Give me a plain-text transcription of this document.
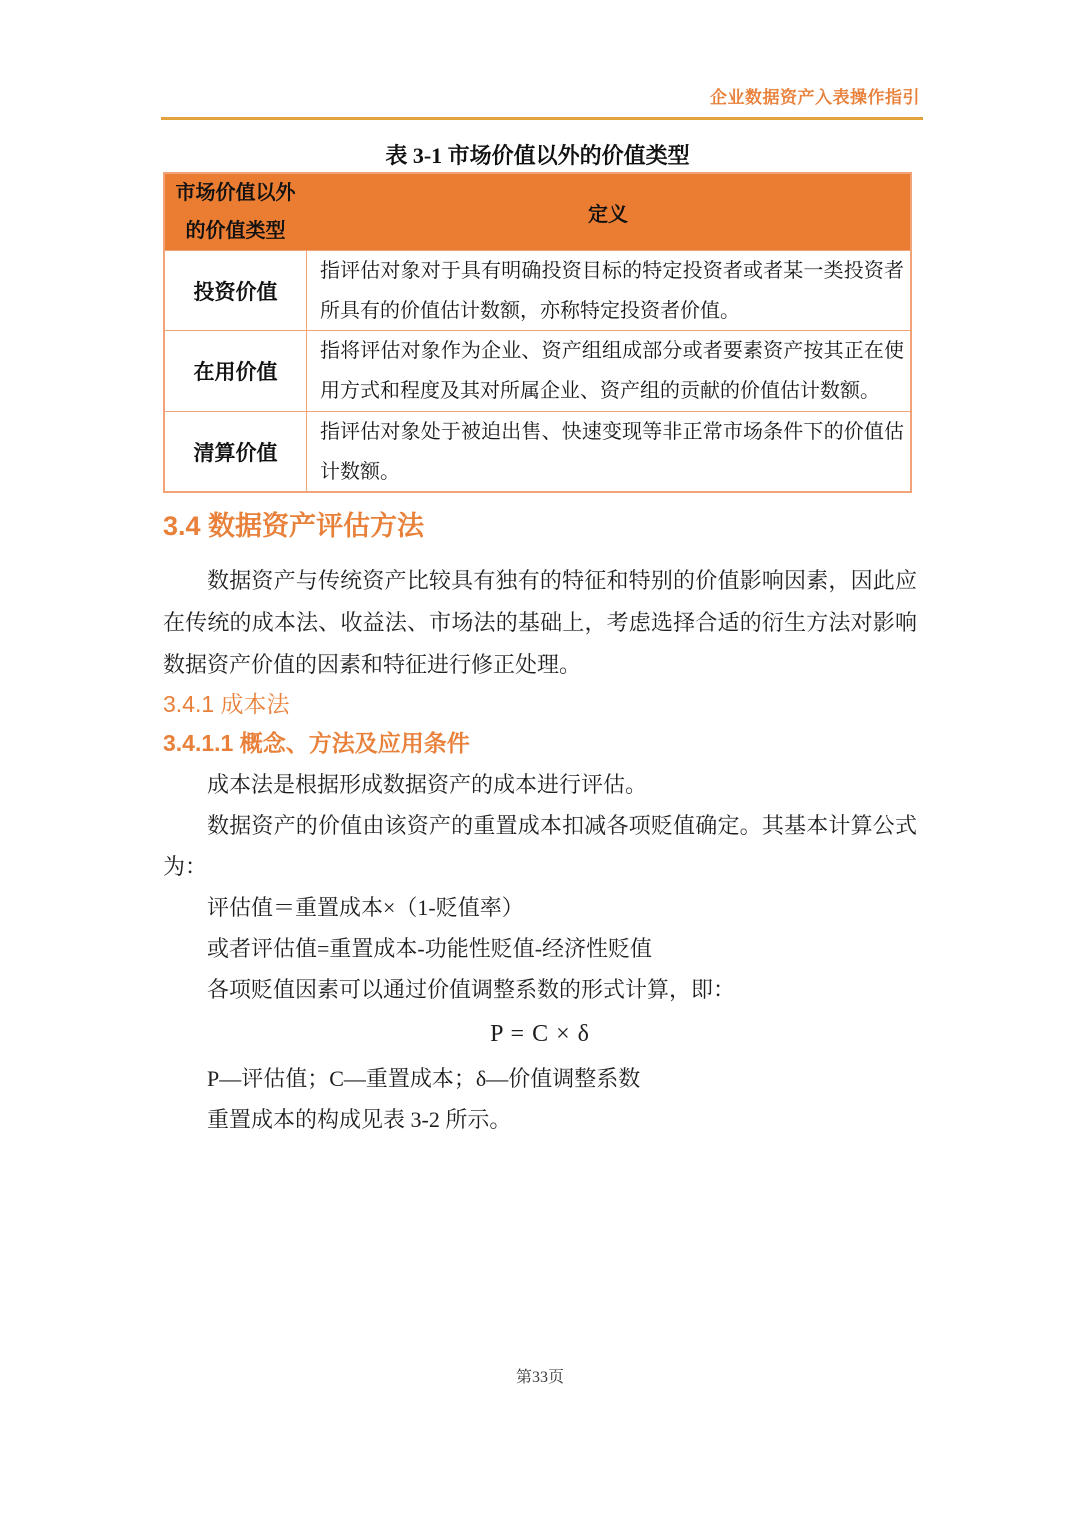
企业数据资产入表操作指引
表 3-1 市场价值以外的价值类型
市场价值以外
的价值类型
定义
投资价值
指评估对象对于具有明确投资目标的特定投资者或者某一类投资者
所具有的价值估计数额，亦称特定投资者价值。
在用价值
指将评估对象作为企业、资产组组成部分或者要素资产按其正在使
用方式和程度及其对所属企业、资产组的贡献的价值估计数额。
清算价值
指评估对象处于被迫出售、快速变现等非正常市场条件下的价值估
计数额。
3.4 数据资产评估方法
数据资产与传统资产比较具有独有的特征和特别的价值影响因素，因此应
在传统的成本法、收益法、市场法的基础上，考虑选择合适的衍生方法对影响
数据资产价值的因素和特征进行修正处理。
3.4.1 成本法
3.4.1.1 概念、方法及应用条件
成本法是根据形成数据资产的成本进行评估。
数据资产的价值由该资产的重置成本扣减各项贬值确定。其基本计算公式
为：
评估值＝重置成本×（1-贬值率）
或者评估值=重置成本-功能性贬值-经济性贬值
各项贬值因素可以通过价值调整系数的形式计算，即：
P = C × δ
P—评估值；C—重置成本；δ—价值调整系数
重置成本的构成见表 3-2 所示。
第33页
